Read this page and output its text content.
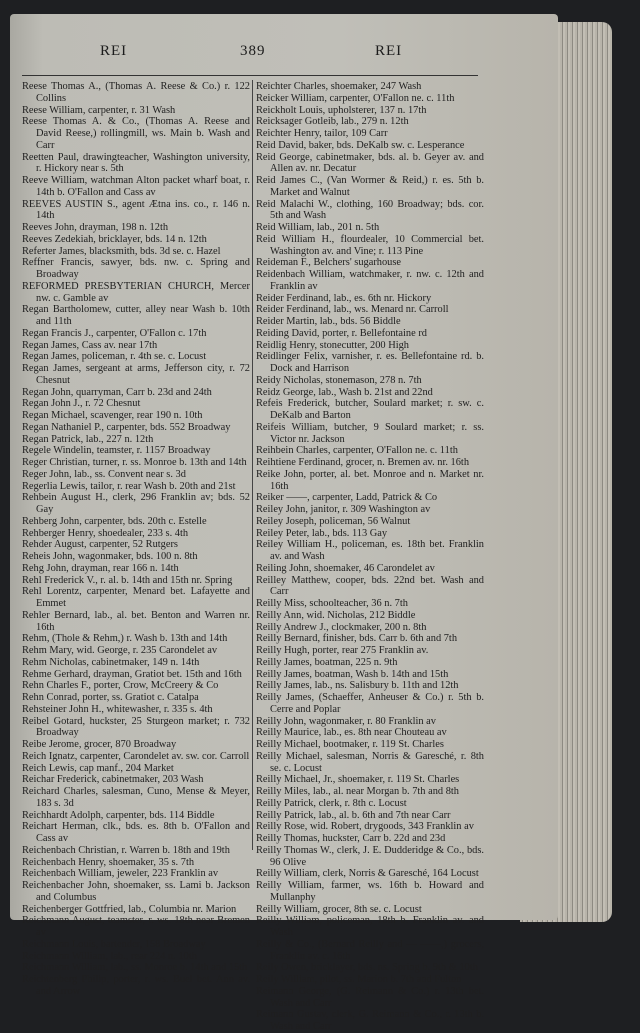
REI	389	REI
Reese Thomas A., (Thomas A. Reese & Co.) r. 122 Collins
Reese William, carpenter, r. 31 Wash
Reese Thomas A. & Co., (Thomas A. Reese and David Reese,) rollingmill, ws. Main b. Wash and Carr
Reetten Paul, drawingteacher, Washington university, r. Hickory near s. 5th
Reeve William, watchman Alton packet wharf boat, r. 14th b. O'Fallon and Cass av
REEVES AUSTIN S., agent Ætna ins. co., r. 146 n. 14th
Reeves John, drayman, 198 n. 12th
Reeves Zedekiah, bricklayer, bds. 14 n. 12th
Referter James, blacksmith, bds. 3d se. c. Hazel
Reffner Francis, sawyer, bds. nw. c. Spring and Broadway
REFORMED PRESBYTERIAN CHURCH, Mercer nw. c. Gamble av
Regan Bartholomew, cutter, alley near Wash b. 10th and 11th
Regan Francis J., carpenter, O'Fallon c. 17th
Regan James, Cass av. near 17th
Regan James, policeman, r. 4th se. c. Locust
Regan James, sergeant at arms, Jefferson city, r. 72 Chesnut
Regan John, quarryman, Carr b. 23d and 24th
Regan John J., r. 72 Chesnut
Regan Michael, scavenger, rear 190 n. 10th
Regan Nathaniel P., carpenter, bds. 552 Broadway
Regan Patrick, lab., 227 n. 12th
Regele Windelin, teamster, r. 1157 Broadway
Reger Christian, turner, r. ss. Monroe b. 13th and 14th
Reger John, lab., ss. Convent near s. 3d
Regerlia Lewis, tailor, r. rear Wash b. 20th and 21st
Rehbein August H., clerk, 296 Franklin av; bds. 52 Gay
Rehberg John, carpenter, bds. 20th c. Estelle
Rehberger Henry, shoedealer, 233 s. 4th
Rehder August, carpenter, 52 Rutgers
Reheis John, wagonmaker, bds. 100 n. 8th
Rehg John, drayman, rear 166 n. 14th
Rehl Frederick V., r. al. b. 14th and 15th nr. Spring
Rehl Lorentz, carpenter, Menard bet. Lafayette and Emmet
Rehler Bernard, lab., al. bet. Benton and Warren nr. 16th
Rehm, (Thole & Rehm,) r. Wash b. 13th and 14th
Rehm Mary, wid. George, r. 235 Carondelet av
Rehm Nicholas, cabinetmaker, 149 n. 14th
Rehme Gerhard, drayman, Gratiot bet. 15th and 16th
Rehn Charles F., porter, Crow, McCreery & Co
Rehn Conrad, porter, ss. Gratiot c. Catalpa
Rehsteiner John H., whitewasher, r. 335 s. 4th
Reibel Gotard, huckster, 25 Sturgeon market; r. 732 Broadway
Reibe Jerome, grocer, 870 Broadway
Reich Ignatz, carpenter, Carondelet av. sw. cor. Carroll
Reich Lewis, cap manf., 204 Market
Reichar Frederick, cabinetmaker, 203 Wash
Reichard Charles, salesman, Cuno, Mense & Meyer, 183 s. 3d
Reichhardt Adolph, carpenter, bds. 114 Biddle
Reichart Herman, clk., bds. es. 8th b. O'Fallon and Cass av
Reichenbach Christian, r. Warren b. 18th and 19th
Reichenbach Henry, shoemaker, 35 s. 7th
Reichenbach William, jeweler, 223 Franklin av
Reichenbacher John, shoemaker, ss. Lami b. Jackson and Columbus
Reichenberger Gottfried, lab., Columbia nr. Marion
Reichmann August, teamster, r. ws. 18th near Bremen av
Reichmann Louis, bartender, 158 Broadway
Reichmann William, lab., rear 224 n. 10th
Reichmann William, lab., ss. Monroe b. 14th and 15th
Reichtenberg Philip, porter, r. ws. Buel bet. Ann av. and Arrow
Reichter Charles, shoemaker, 247 Wash
Reicker William, carpenter, O'Fallon ne. c. 11th
Reickholt Louis, upholsterer, 137 n. 17th
Reicksager Gotleib, lab., 279 n. 12th
Reichter Henry, tailor, 109 Carr
Reid David, baker, bds. DeKalb sw. c. Lesperance
Reid George, cabinetmaker, bds. al. b. Geyer av. and Allen av. nr. Decatur
Reid James C., (Van Wormer & Reid,) r. es. 5th b. Market and Walnut
Reid Malachi W., clothing, 160 Broadway; bds. cor. 5th and Wash
Reid William, lab., 201 n. 5th
Reid William H., flourdealer, 10 Commercial bet. Washington av. and Vine; r. 113 Pine
Reideman F., Belchers' sugarhouse
Reidenbach William, watchmaker, r. nw. c. 12th and Franklin av
Reider Ferdinand, lab., es. 6th nr. Hickory
Reider Ferdinand, lab., ws. Menard nr. Carroll
Reider Martin, lab., bds. 56 Biddle
Reiding David, porter, r. Bellefontaine rd
Reidlig Henry, stonecutter, 200 High
Reidlinger Felix, varnisher, r. es. Bellefontaine rd. b. Dock and Harrison
Reidy Nicholas, stonemason, 278 n. 7th
Reidz George, lab., Wash b. 21st and 22nd
Refeis Frederick, butcher, Soulard market; r. sw. c. DeKalb and Barton
Reifeis William, butcher, 9 Soulard market; r. ss. Victor nr. Jackson
Reihbein Charles, carpenter, O'Fallon ne. c. 11th
Reihtiene Ferdinand, grocer, n. Bremen av. nr. 16th
Reike John, porter, al. bet. Monroe and n. Market nr. 16th
Reiker ——, carpenter, Ladd, Patrick & Co
Reiley John, janitor, r. 309 Washington av
Reiley Joseph, policeman, 56 Walnut
Reiley Peter, lab., bds. 113 Gay
Reiley William H., policeman, es. 18th bet. Franklin av. and Wash
Reiling John, shoemaker, 46 Carondelet av
Reilley Matthew, cooper, bds. 22nd bet. Wash and Carr
Reilly Miss, schoolteacher, 36 n. 7th
Reilly Ann, wid. Nicholas, 212 Biddle
Reilly Andrew J., clockmaker, 200 n. 8th
Reilly Bernard, finisher, bds. Carr b. 6th and 7th
Reilly Hugh, porter, rear 275 Franklin av.
Reilly James, boatman, 225 n. 9th
Reilly James, boatman, Wash b. 14th and 15th
Reilly James, lab., ns. Salisbury b. 11th and 12th
Reilly James, (Schaeffer, Anheuser & Co.) r. 5th b. Cerre and Poplar
Reilly John, wagonmaker, r. 80 Franklin av
Reilly Maurice, lab., es. 8th near Chouteau av
Reilly Michael, bootmaker, r. 119 St. Charles
Reilly Michael, salesman, Norris & Garesché, r. 8th se. c. Locust
Reilly Michael, Jr., shoemaker, r. 119 St. Charles
Reilly Miles, lab., al. near Morgan b. 7th and 8th
Reilly Patrick, clerk, r. 8th c. Locust
Reilly Patrick, lab., al. b. 6th and 7th near Carr
Reilly Rose, wid. Robert, drygoods, 343 Franklin av
Reilly Thomas, huckster, Carr b. 22d and 23d
Reilly Thomas W., clerk, J. E. Dudderidge & Co., bds. 96 Olive
Reilly William, clerk, Norris & Garesché, 164 Locust
Reilly William, farmer, ws. 16th b. Howard and Mullanphy
Reilly William, grocer, 8th se. c. Locust
Reilly William, policeman, 18th b. Franklin av. and Wash
Reilly & Co., (Bernard Reilly and — ——,) grocers, Franklin av. c. 16th
Reily Owen, bricklayer, bds. ns. Spring b. 9th & 10th
Reily William, pilot, ss. Marion b. 7th and Fulton
Reimann George, (G. Reimann & Co.) r. 13th bet. Wash and Carr
Reimann Gustav, clerk, G. Reimann & Co., r. 13th b. Wash and Carr
